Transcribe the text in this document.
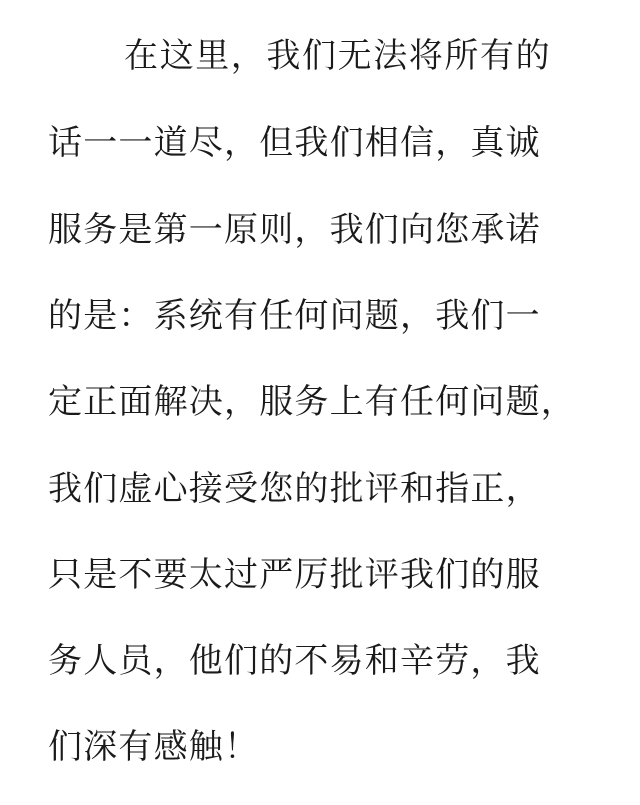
在这里，我们无法将所有的
话一一道尽，但我们相信，真诚
服务是第一原则，我们向您承诺
的是：系统有任何问题，我们一
定正面解决，服务上有任何问题，
我们虚心接受您的批评和指正，
只是不要太过严厉批评我们的服
务人员，他们的不易和辛劳，我
们深有感触！
